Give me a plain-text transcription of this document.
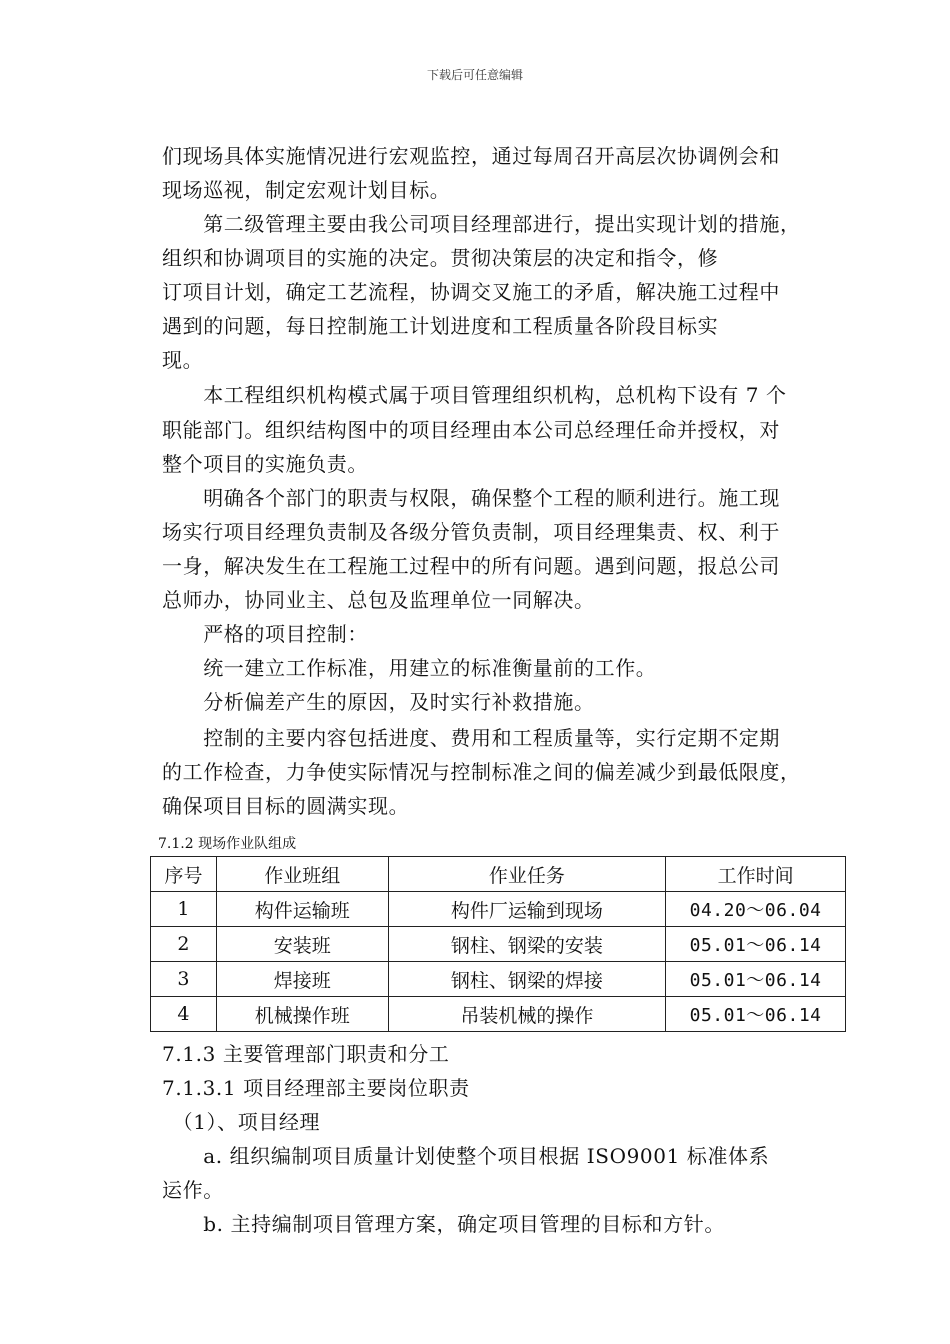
下载后可任意编辑
们现场具体实施情况进行宏观监控，通过每周召开高层次协调例会和
现场巡视，制定宏观计划目标。
　　第二级管理主要由我公司项目经理部进行，提出实现计划的措施，
组织和协调项目的实施的决定。贯彻决策层的决定和指令，修
订项目计划，确定工艺流程，协调交叉施工的矛盾，解决施工过程中
遇到的问题，每日控制施工计划进度和工程质量各阶段目标实
现。
　　本工程组织机构模式属于项目管理组织机构，总机构下设有 7 个
职能部门。组织结构图中的项目经理由本公司总经理任命并授权，对
整个项目的实施负责。
　　明确各个部门的职责与权限，确保整个工程的顺利进行。施工现
场实行项目经理负责制及各级分管负责制，项目经理集责、权、利于
一身，解决发生在工程施工过程中的所有问题。遇到问题，报总公司
总师办，协同业主、总包及监理单位一同解决。
　　严格的项目控制：
　　统一建立工作标准，用建立的标准衡量前的工作。
　　分析偏差产生的原因，及时实行补救措施。
　　控制的主要内容包括进度、费用和工程质量等，实行定期不定期
的工作检查，力争使实际情况与控制标准之间的偏差减少到最低限度，
确保项目目标的圆满实现。
7.1.2 现场作业队组成
序号	作业班组	作业任务	工作时间
1	构件运输班	构件厂运输到现场	04.20～06.04
2	安装班	钢柱、钢梁的安装	05.01～06.14
3	焊接班	钢柱、钢梁的焊接	05.01～06.14
4	机械操作班	吊装机械的操作	05.01～06.14
7.1.3 主要管理部门职责和分工
7.1.3.1 项目经理部主要岗位职责
　（1）、项目经理
　　a. 组织编制项目质量计划使整个项目根据 ISO9001 标准体系
运作。
　　b. 主持编制项目管理方案，确定项目管理的目标和方针。
